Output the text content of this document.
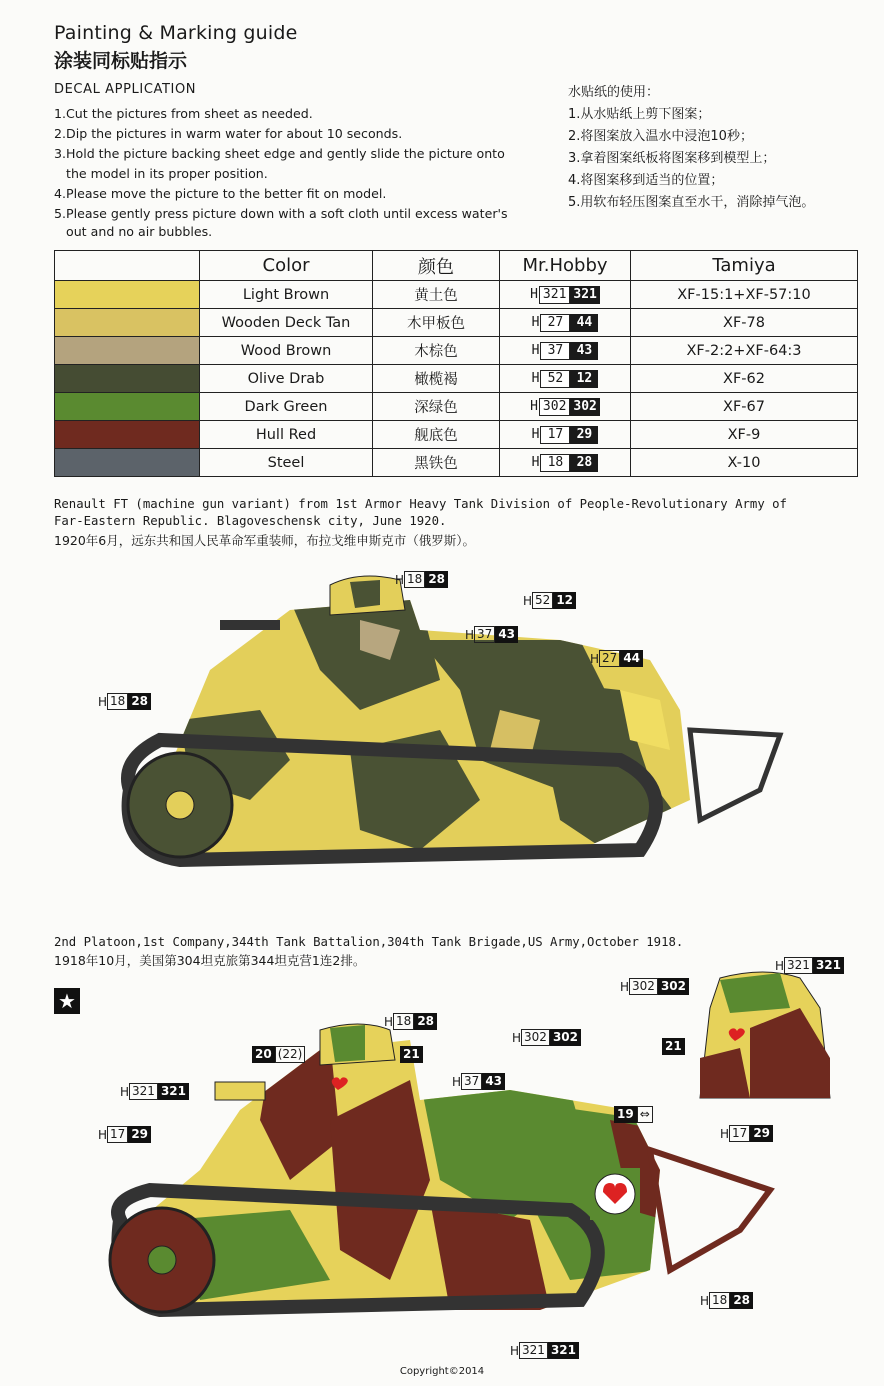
Painting & Marking guide
涂装同标贴指示
DECAL APPLICATION
1.Cut the pictures from sheet as needed.
2.Dip the pictures in warm water for about 10 seconds.
3.Hold the picture backing sheet edge and gently slide the picture onto
the model in its proper position.
4.Please move the picture to the better fit on model.
5.Please gently press picture down with a soft cloth until excess water's
out and no air bubbles.
水贴纸的使用：
1.从水贴纸上剪下图案；
2.将图案放入温水中浸泡10秒；
3.拿着图案纸板将图案移到模型上；
4.将图案移到适当的位置；
5.用软布轻压图案直至水干，消除掉气泡。
	Color	颜色	Mr.Hobby	Tamiya
	Light Brown	黄土色	H 321 321	XF-15:1+XF-57:10
	Wooden Deck Tan	木甲板色	H 27 44	XF-78
	Wood Brown	木棕色	H 37 43	XF-2:2+XF-64:3
	Olive Drab	橄榄褐	H 52 12	XF-62
	Dark Green	深绿色	H 302 302	XF-67
	Hull Red	舰底色	H 17 29	XF-9
	Steel	黑铁色	H 18 28	X-10
Renault FT (machine gun variant) from 1st Armor Heavy Tank Division of People-Revolutionary Army of
Far-Eastern Republic. Blagoveschensk city, June 1920.
1920年6月，远东共和国人民革命军重装师，布拉戈维申斯克市（俄罗斯）。
H 18 28
H 52 12
H 37 43
H 27 44
H 18 28
2nd Platoon,1st Company,344th Tank Battalion,304th Tank Brigade,US Army,October 1918.
1918年10月，美国第304坦克旅第344坦克营1连2排。
★
H 18 28
H 302 302
H 321 321
H 37 43
H 17 29
H 18 28
H 321 321
H 302 302
H 321 321
H 17 29
20 (22)	21
21
19 ⇔
Copyright©2014
